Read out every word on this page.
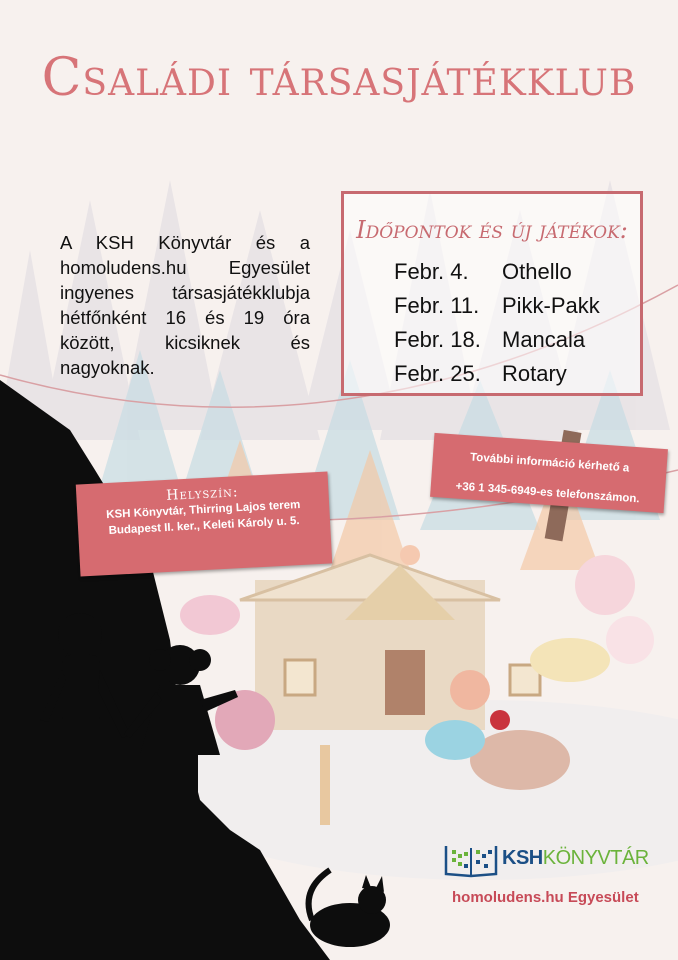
Családi társasjátékklub
A KSH Könyvtár és a homoludens.hu Egyesület ingyenes társasjátékklubja hétfőnként 16 és 19 óra között, kicsiknek és nagyoknak.
Időpontok és új játékok:
Febr. 4.	Othello
Febr. 11.	Pikk-Pakk
Febr. 18. Mancala
Febr. 25. Rotary
További információ kérhető a
+36 1 345-6949-es telefonszámon.
Helyszín:
KSH Könyvtár, Thirring Lajos terem
Budapest II. ker., Keleti Károly u. 5.
KSHKÖNYVTÁR
homoludens.hu Egyesület
